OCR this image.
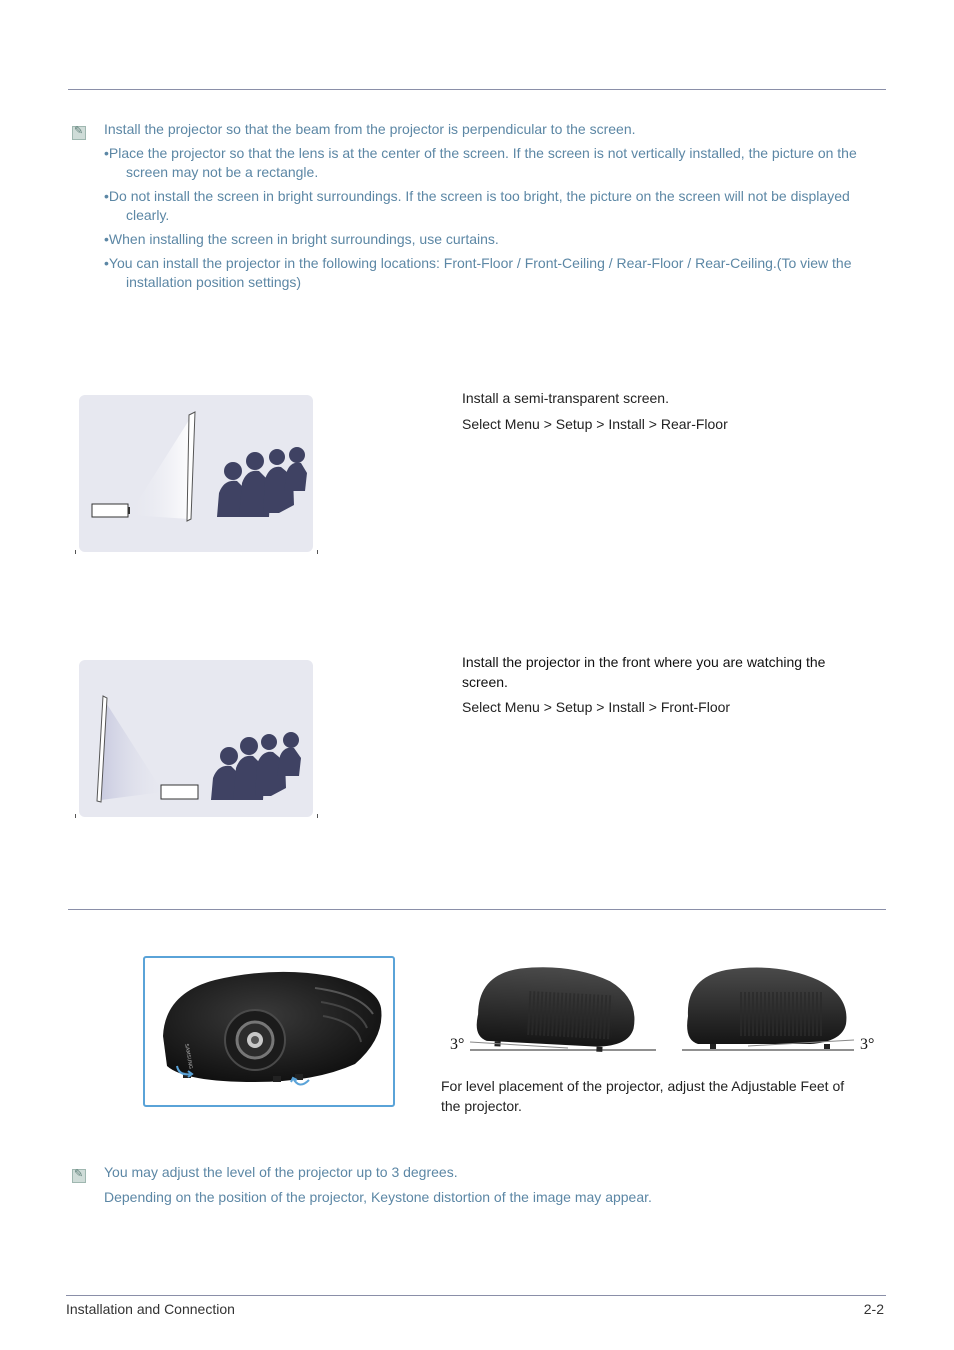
✎
Install the projector so that the beam from the projector is perpendicular to the screen.
•Place the projector so that the lens is at the center of the screen. If the screen is not vertically installed, the picture on the
screen may not be a rectangle.
•Do not install the screen in bright surroundings. If the screen is too bright, the picture on the screen will not be displayed
clearly.
•When installing the screen in bright surroundings, use curtains.
•You can install the projector in the following locations: Front-Floor / Front-Ceiling / Rear-Floor / Rear-Ceiling.(To view the
installation position settings)
Install a semi-transparent screen.
Select Menu > Setup > Install > Rear-Floor
Install the projector in the front where you are watching the
screen.
Select Menu > Setup > Install > Front-Floor
SAMSUNG	3°	3°
For level placement of the projector, adjust the Adjustable Feet of
the projector.
✎
You may adjust the level of the projector up to 3 degrees.
Depending on the position of the projector, Keystone distortion of the image may appear.
Installation and Connection	2-2
